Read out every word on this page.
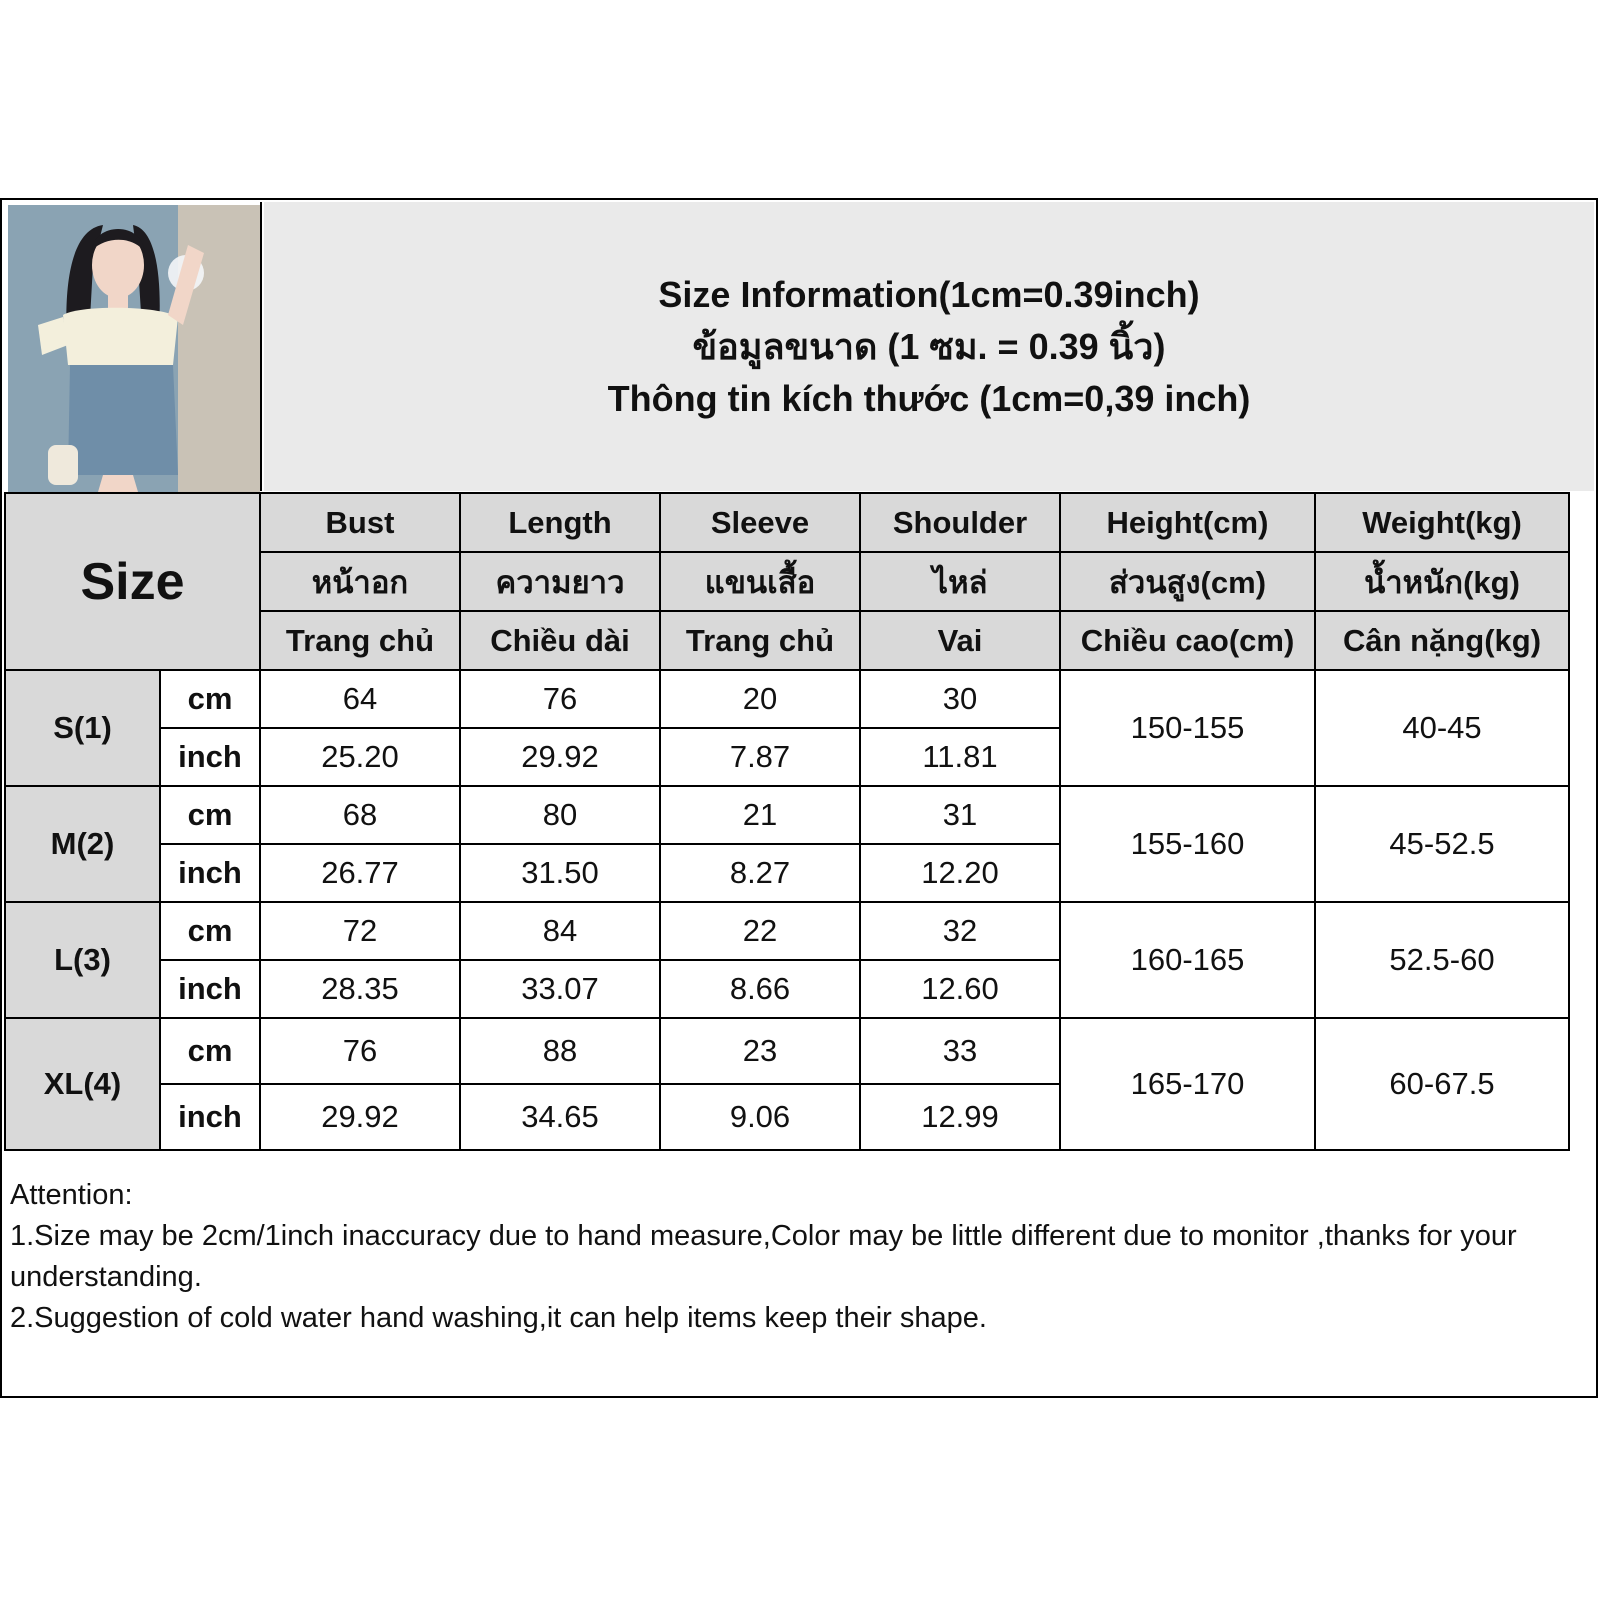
Size Information(1cm=0.39inch)
ข้อมูลขนาด (1 ซม. = 0.39 นิ้ว)
Thông tin kích thước (1cm=0,39 inch)
Size		Bust	Length	Sleeve	Shoulder	Height(cm)	Weight(kg)
		หน้าอก	ความยาว	แขนเสื้อ	ไหล่	ส่วนสูง(cm)	น้ำหนัก(kg)
		Trang chủ	Chiều dài	Trang chủ	Vai	Chiều cao(cm)	Cân nặng(kg)
S(1)	cm	64	76	20	30	150-155	40-45
	inch	25.20	29.92	7.87	11.81		
M(2)	cm	68	80	21	31	155-160	45-52.5
	inch	26.77	31.50	8.27	12.20		
L(3)	cm	72	84	22	32	160-165	52.5-60
	inch	28.35	33.07	8.66	12.60		
XL(4)	cm	76	88	23	33	165-170	60-67.5
	inch	29.92	34.65	9.06	12.99		
Attention:
1.Size may be 2cm/1inch inaccuracy due to hand measure,Color may be little different due to monitor ,thanks for your understanding.
2.Suggestion of cold water hand washing,it can help items keep their shape.
